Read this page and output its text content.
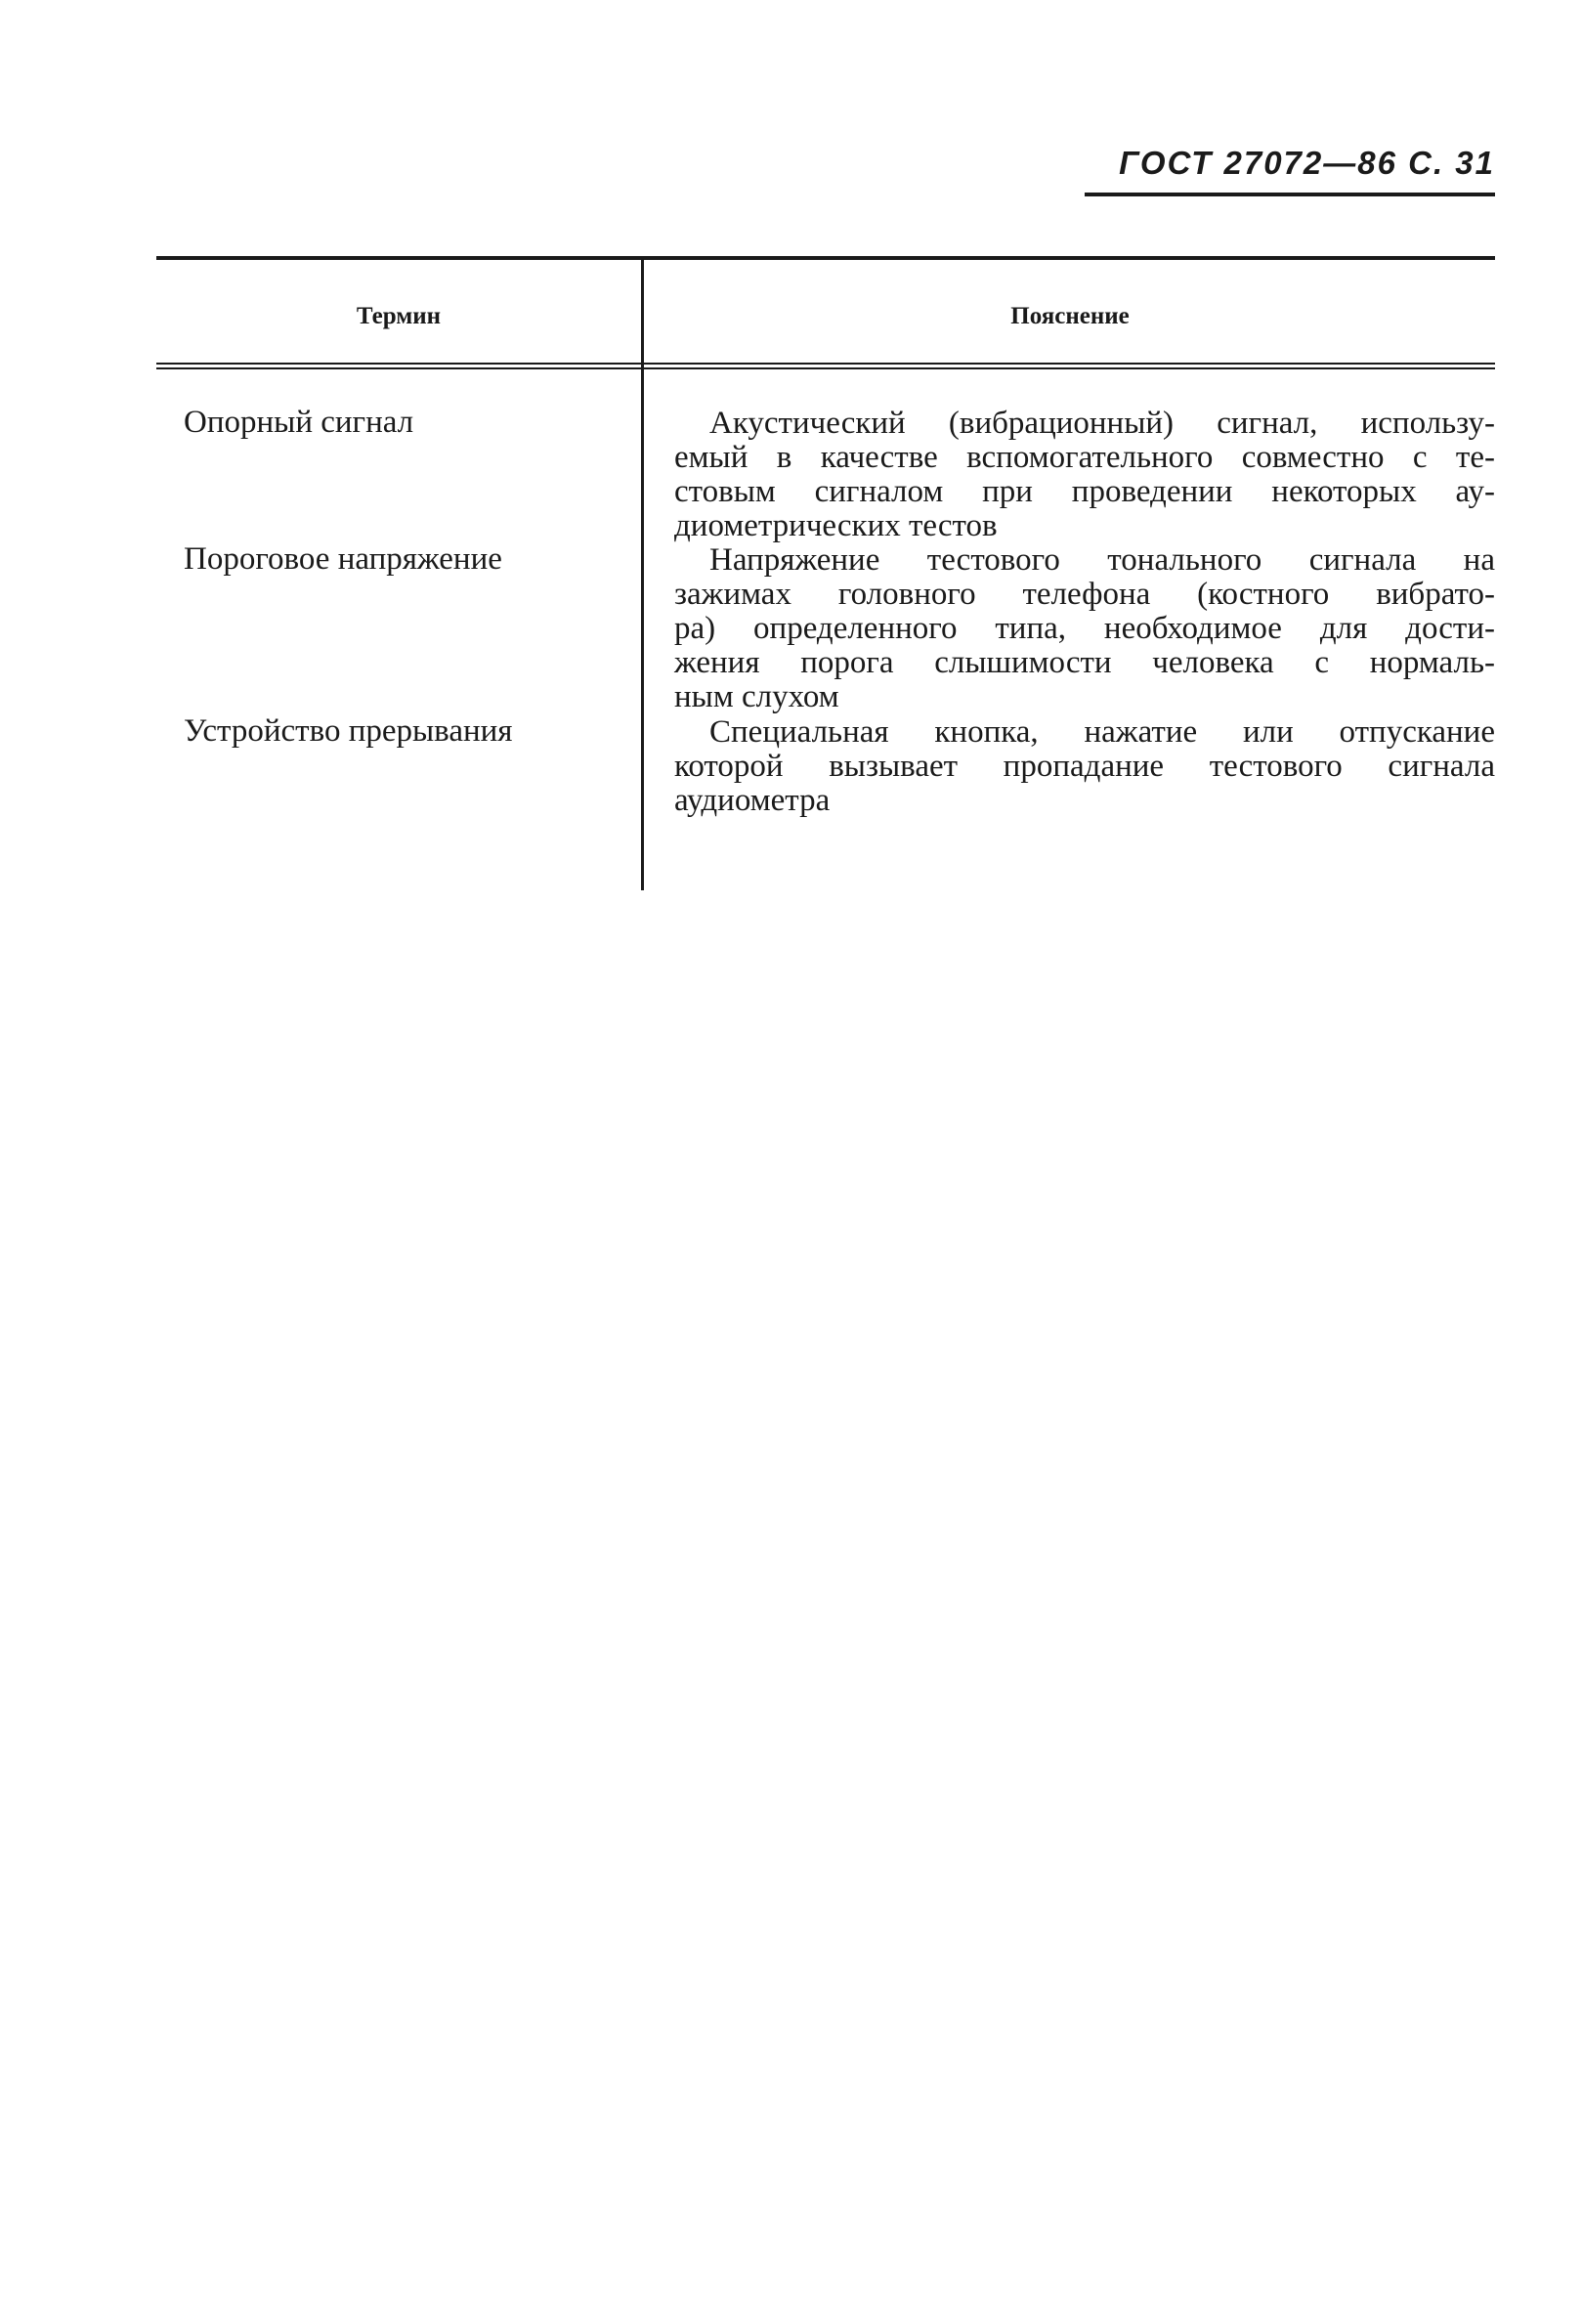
ГОСТ 27072—86 С. 31
Термин	Пояснение
Опорный сигнал	Акустический (вибрационный) сигнал, использу-
емый в качестве вспомогательного совместно с те-
стовым сигналом при проведении некоторых ау-
диометрических тестов
Пороговое напряжение	Напряжение тестового тонального сигнала на
зажимах головного телефона (костного вибрато-
ра) определенного типа, необходимое для дости-
жения порога слышимости человека с нормаль-
ным слухом
Устройство прерывания	Специальная кнопка, нажатие или отпускание
которой вызывает пропадание тестового сигнала
аудиометра
